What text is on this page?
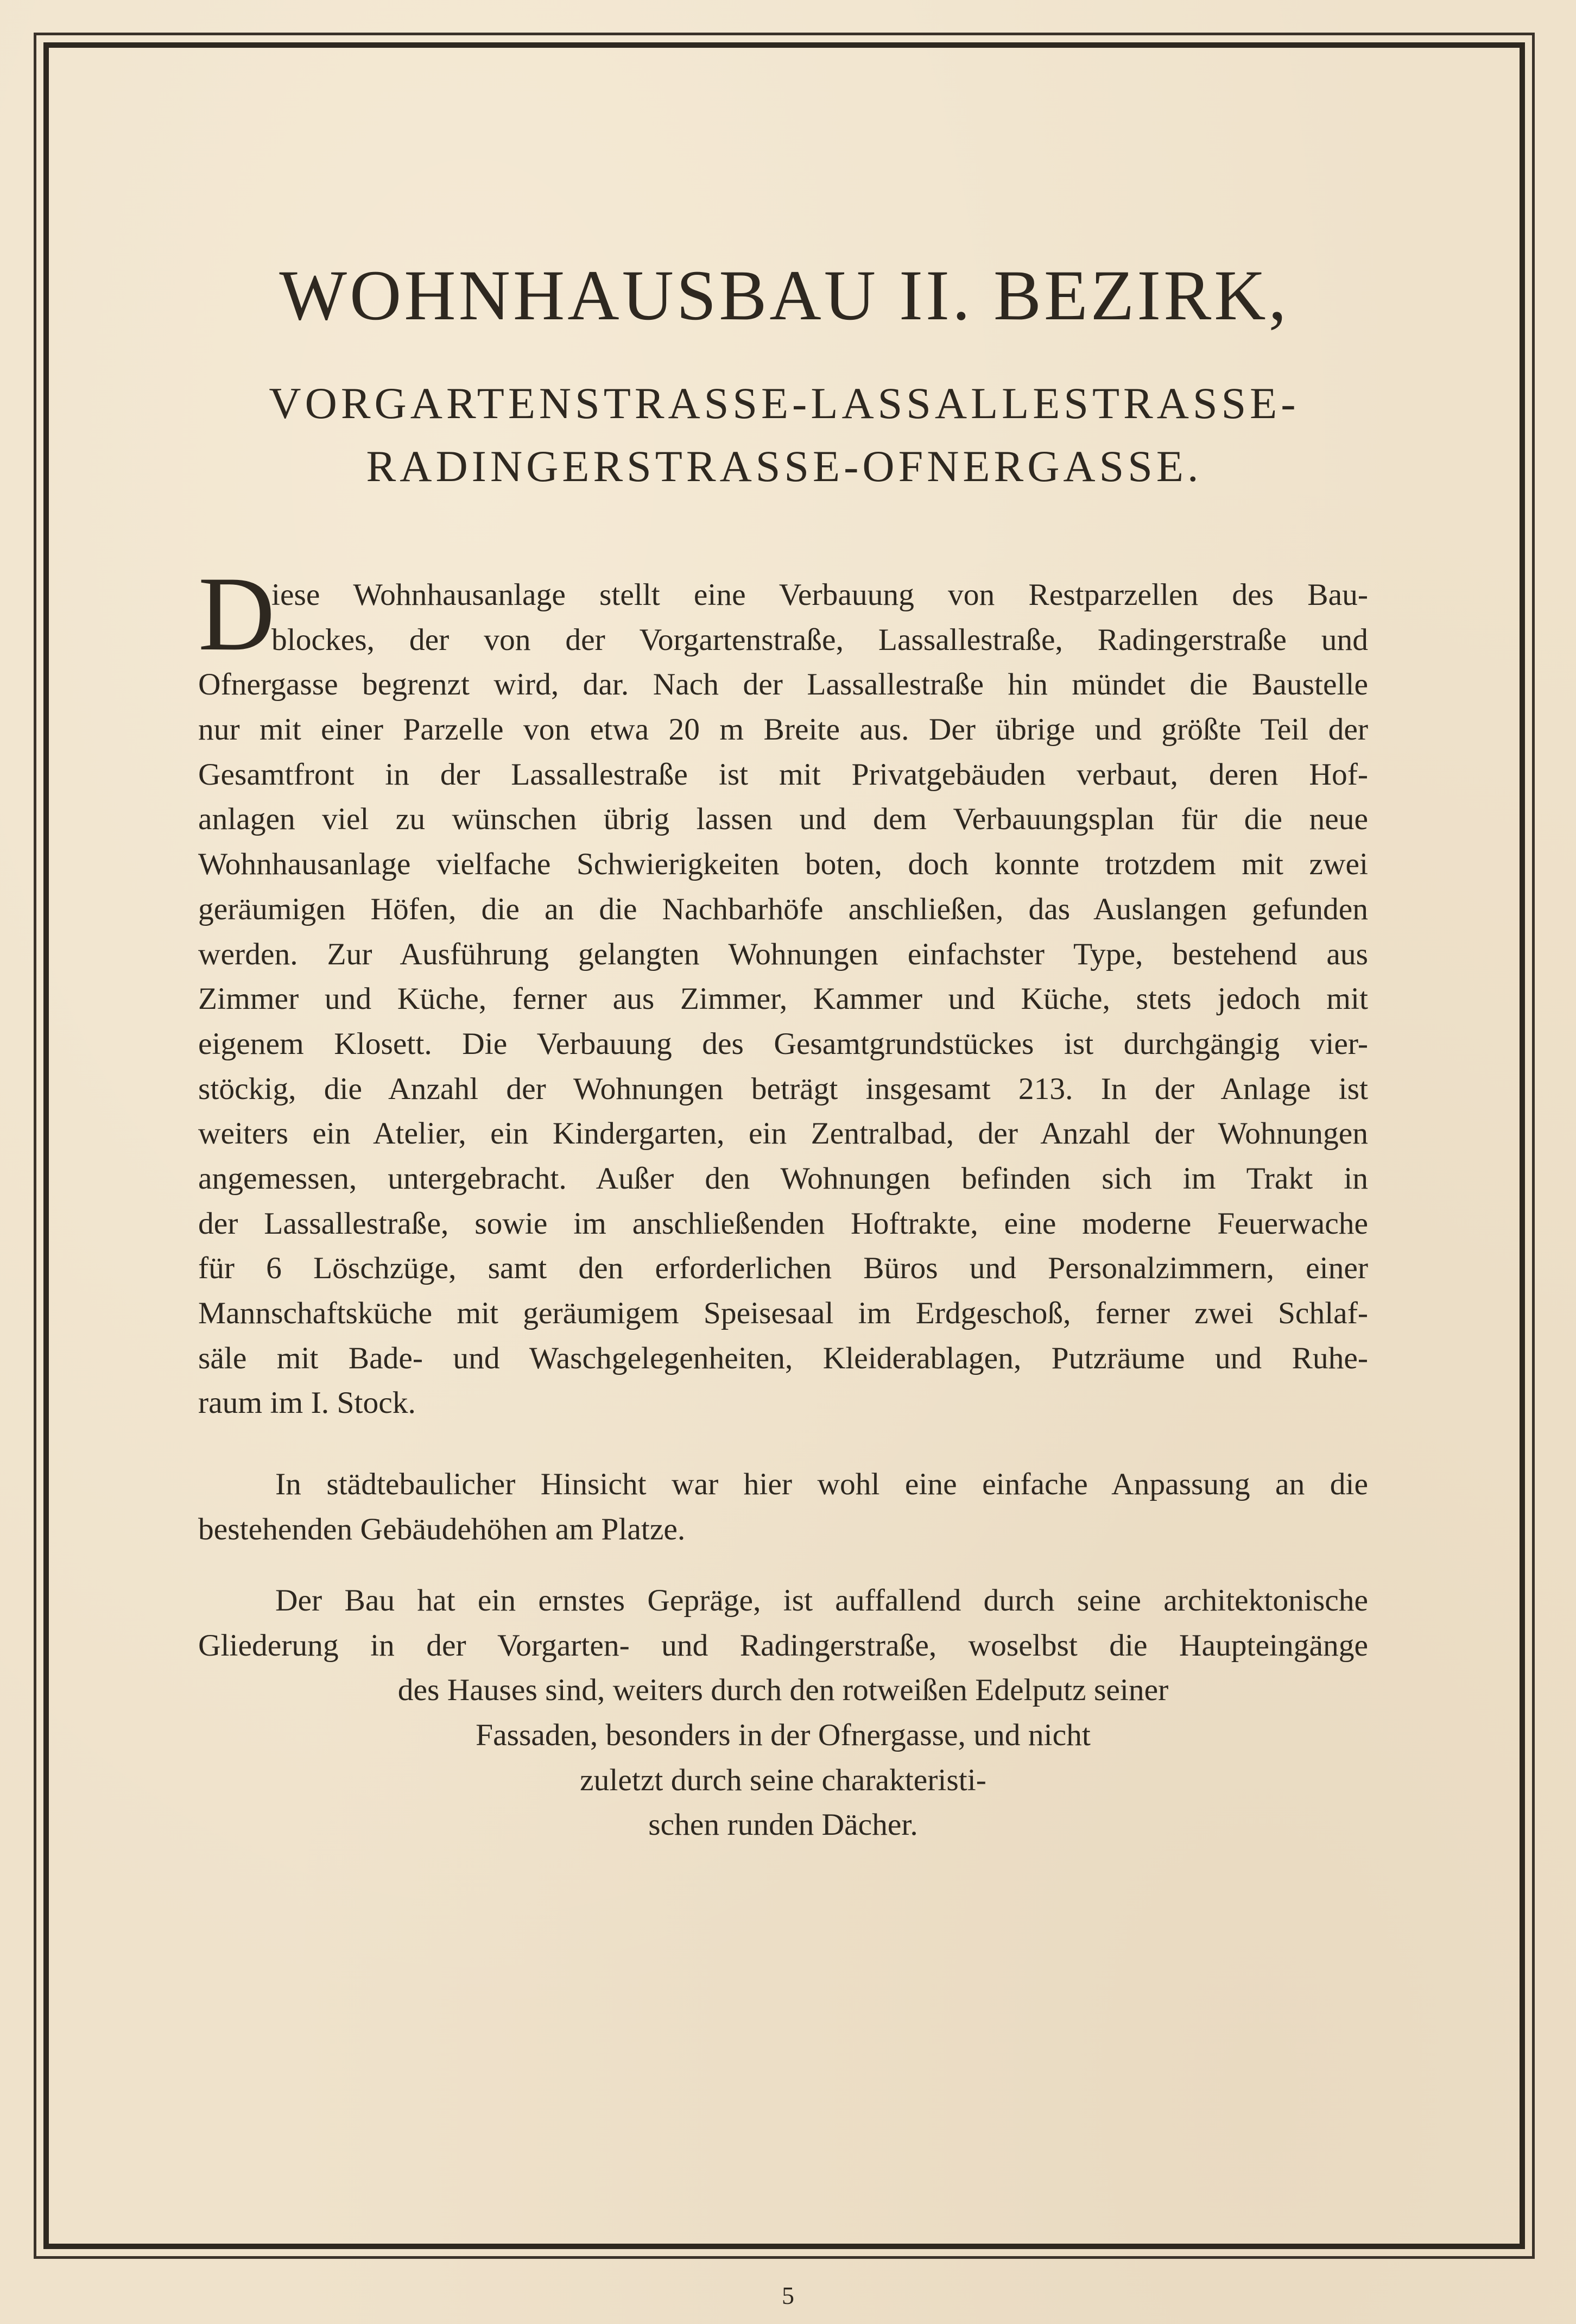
WOHNHAUSBAU II. BEZIRK,
VORGARTENSTRASSE-LASSALLESTRASSE-
RADINGERSTRASSE-OFNERGASSE.
D
iese Wohnhausanlage stellt eine Verbauung von Restparzellen des Bau-
blockes, der von der Vorgartenstraße, Lassallestraße, Radingerstraße und
Ofnergasse begrenzt wird, dar. Nach der Lassallestraße hin mündet die Baustelle
nur mit einer Parzelle von etwa 20 m Breite aus. Der übrige und größte Teil der
Gesamtfront in der Lassallestraße ist mit Privatgebäuden verbaut, deren Hof-
anlagen viel zu wünschen übrig lassen und dem Verbauungsplan für die neue
Wohnhausanlage vielfache Schwierigkeiten boten, doch konnte trotzdem mit zwei
geräumigen Höfen, die an die Nachbarhöfe anschließen, das Auslangen gefunden
werden. Zur Ausführung gelangten Wohnungen einfachster Type, bestehend aus
Zimmer und Küche, ferner aus Zimmer, Kammer und Küche, stets jedoch mit
eigenem Klosett. Die Verbauung des Gesamtgrundstückes ist durchgängig vier-
stöckig, die Anzahl der Wohnungen beträgt insgesamt 213. In der Anlage ist
weiters ein Atelier, ein Kindergarten, ein Zentralbad, der Anzahl der Wohnungen
angemessen, untergebracht. Außer den Wohnungen befinden sich im Trakt in
der Lassallestraße, sowie im anschließenden Hoftrakte, eine moderne Feuerwache
für 6 Löschzüge, samt den erforderlichen Büros und Personalzimmern, einer
Mannschaftsküche mit geräumigem Speisesaal im Erdgeschoß, ferner zwei Schlaf-
säle mit Bade- und Waschgelegenheiten, Kleiderablagen, Putzräume und Ruhe-
raum im I. Stock.
In städtebaulicher Hinsicht war hier wohl eine einfache Anpassung an die
bestehenden Gebäudehöhen am Platze.
Der Bau hat ein ernstes Gepräge, ist auffallend durch seine architektonische
Gliederung in der Vorgarten- und Radingerstraße, woselbst die Haupteingänge
des Hauses sind, weiters durch den rotweißen Edelputz seiner
Fassaden, besonders in der Ofnergasse, und nicht
zuletzt durch seine charakteristi-
schen runden Dächer.
5
